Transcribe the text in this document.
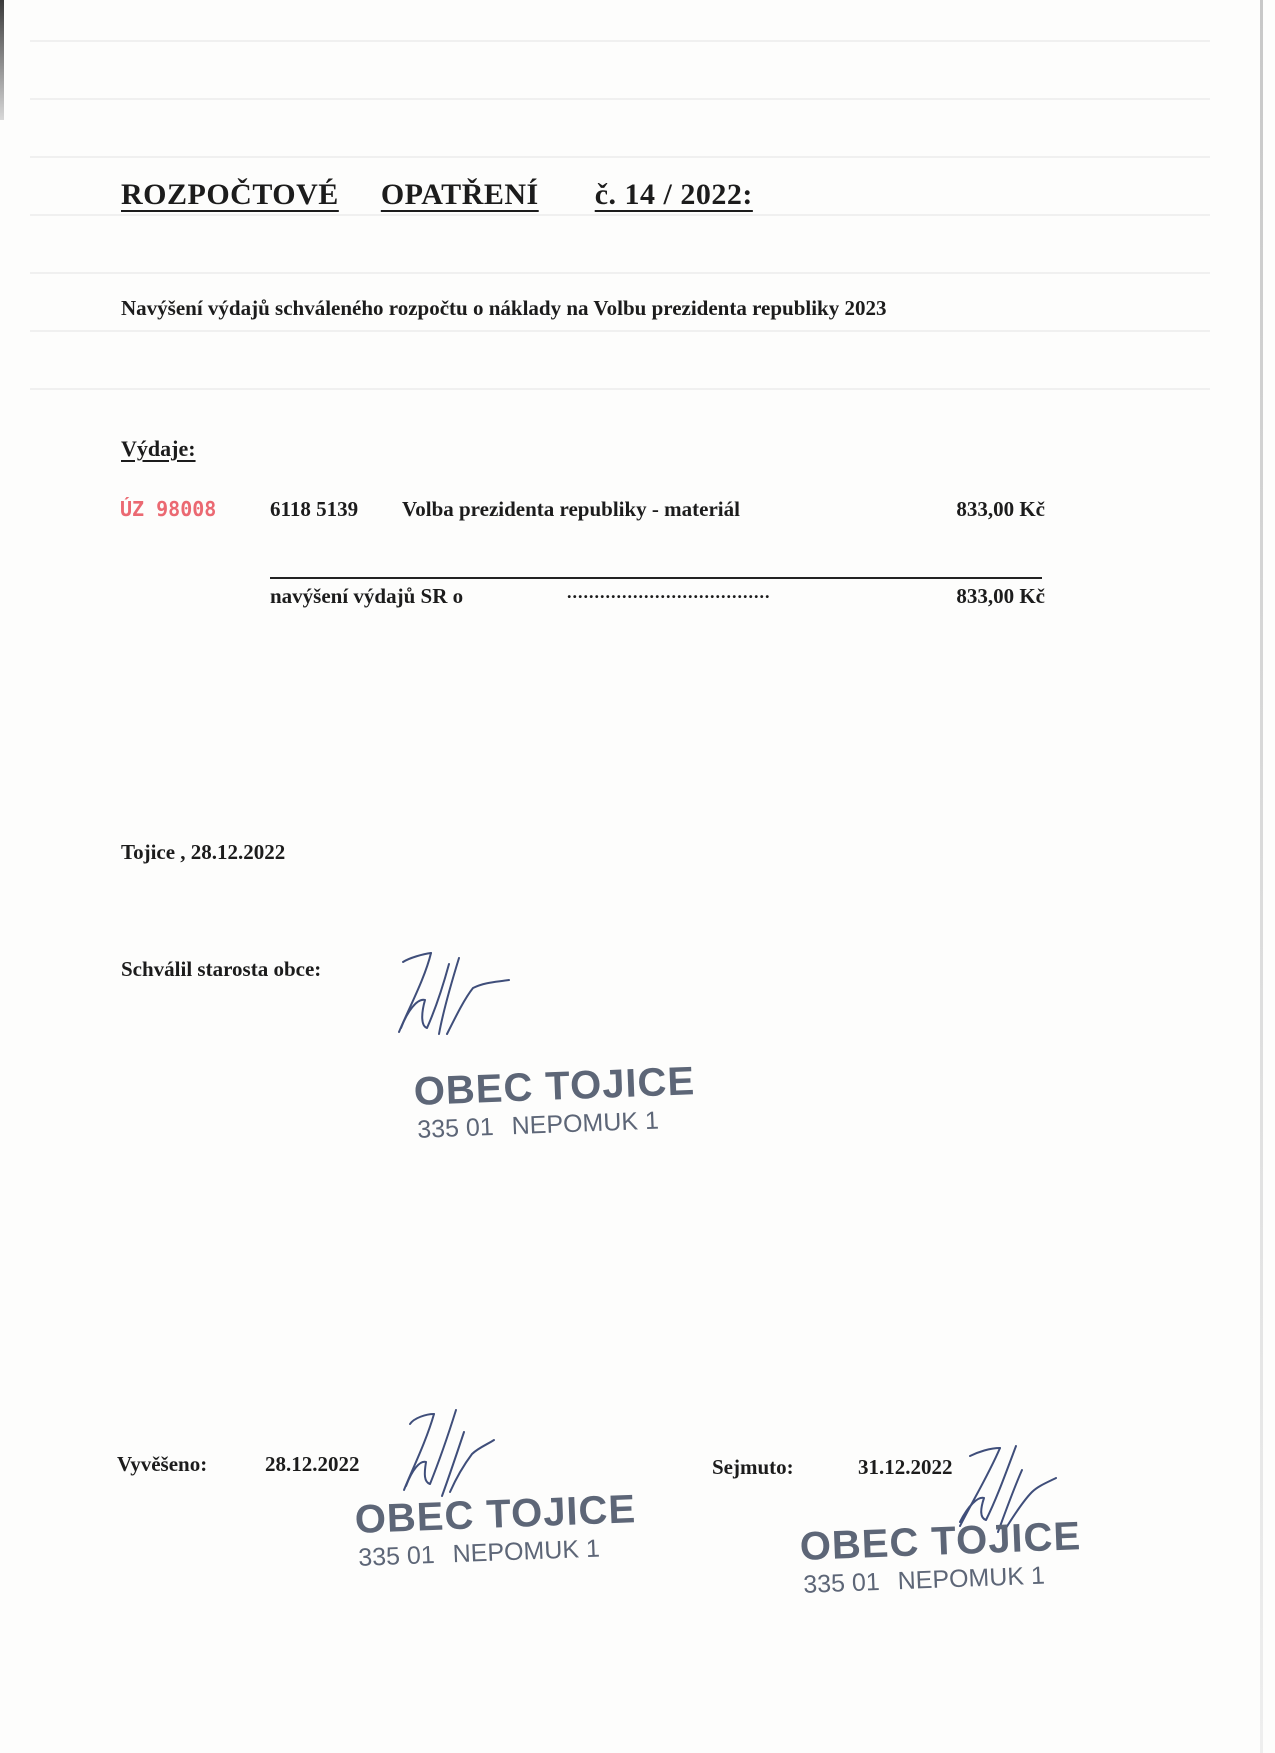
ROZPOČTOVÉ OPATŘENÍ č. 14 / 2022:
Navýšení výdajů schváleného rozpočtu o náklady na Volbu prezidenta republiky 2023
Výdaje:
ÚZ 98008	6118 5139 Volba prezidenta republiky - materiál	833,00 Kč
navýšení výdajů SR o	.....................................	833,00 Kč
Tojice , 28.12.2022
Schválil starosta obce:
OBEC TOJICE
335 01 NEPOMUK 1
Vyvěšeno:	28.12.2022
OBEC TOJICE
335 01 NEPOMUK 1
Sejmuto:	31.12.2022
OBEC TOJICE
335 01 NEPOMUK 1
